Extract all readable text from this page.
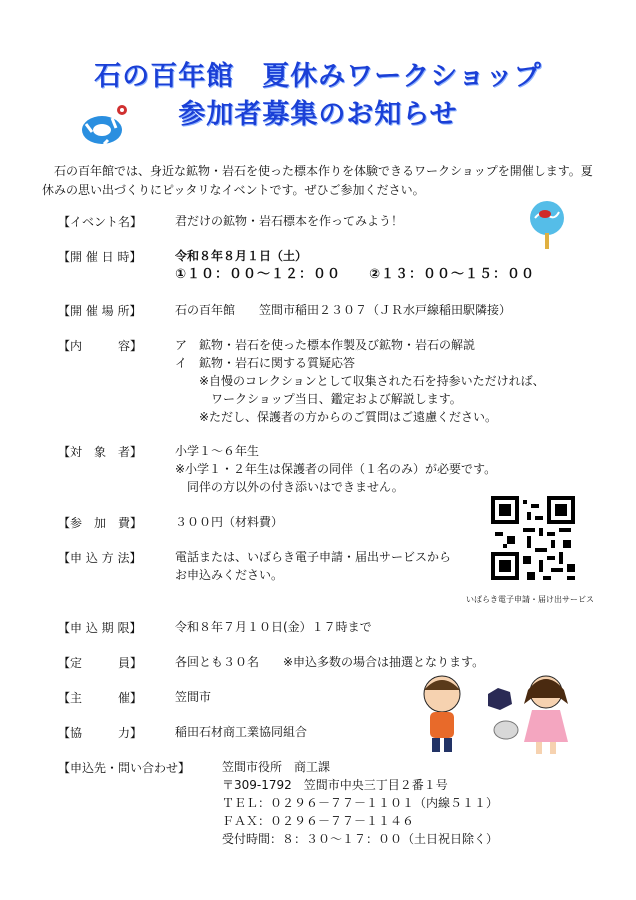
いばらき電子申請・届け出サービス
石の百年館　夏休みワークショップ
参加者募集のお知らせ
　石の百年館では、身近な鉱物・岩石を使った標本作りを体験できるワークショップを開催します。夏休みの思い出づくりにピッタリなイベントです。ぜひご参加ください。
【イベント名】	君だけの鉱物・岩石標本を作ってみよう！
【開 催 日 時】	令和８年８月１日（土）
①１０：００～１２：００　　②１３：００～１５：００
【開 催 場 所】	石の百年館　　笠間市稲田２３０７（ＪＲ水戸線稲田駅隣接）
【内　　　容】	ア　鉱物・岩石を使った標本作製及び鉱物・岩石の解説
イ　鉱物・岩石に関する質疑応答
　　※自慢のコレクションとして収集された石を持参いただければ、
　　　ワークショップ当日、鑑定および解説します。
　　※ただし、保護者の方からのご質問はご遠慮ください。
【対　象　者】	小学１～６年生
※小学１・２年生は保護者の同伴（１名のみ）が必要です。
　同伴の方以外の付き添いはできません。
【参　加　費】	３００円（材料費）
【申 込 方 法】	電話または、いばらき電子申請・届出サービスから
お申込みください。
【申 込 期 限】	令和８年７月１０日(金）１７時まで
【定　　　員】	各回とも３０名　　※申込多数の場合は抽選となります。
【主　　　催】	笠間市
【協　　　力】	稲田石材商工業協同組合
【申込先・問い合わせ】	笠間市役所　商工課
〒309-1792　笠間市中央三丁目２番１号
ＴＥＬ：０２９６－７７－１１０１（内線５１１）
ＦＡＸ：０２９６－７７－１１４６
受付時間：８：３０～１７：００（土日祝日除く）
